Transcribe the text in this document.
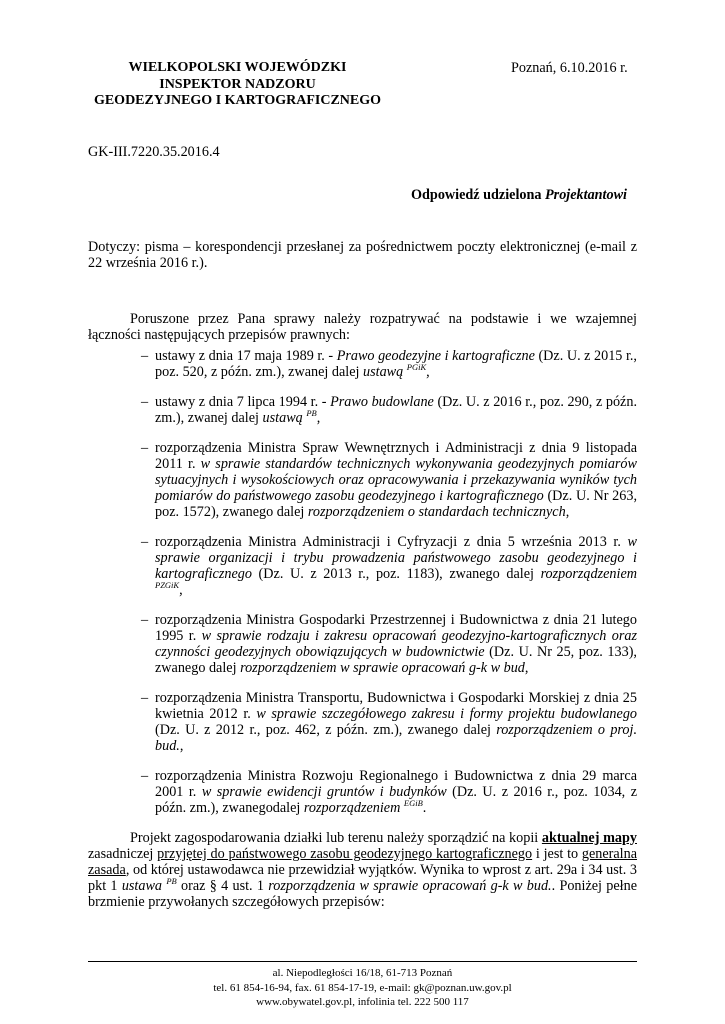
WIELKOPOLSKI WOJEWÓDZKI
INSPEKTOR NADZORU
GEODEZYJNEGO I KARTOGRAFICZNEGO
Poznań, 6.10.2016 r.
GK-III.7220.35.2016.4
Odpowiedź udzielona Projektantowi

Dotyczy: pisma – korespondencji przesłanej za pośrednictwem poczty elektronicznej (e-mail z 22 września 2016 r.).

Poruszone przez Pana sprawy należy rozpatrywać na podstawie i we wzajemnej łączności następujących przepisów prawnych:

– ustawy z dnia 17 maja 1989 r. - Prawo geodezyjne i kartograficzne (Dz. U. z 2015 r., poz. 520, z późn. zm.), zwanej dalej ustawą $^{PGiK}$,
– ustawy z dnia 7 lipca 1994 r. - Prawo budowlane (Dz. U. z 2016 r., poz. 290, z późn. zm.), zwanej dalej ustawą $^{PB}$,
– rozporządzenia Ministra Spraw Wewnętrznych i Administracji z dnia 9 listopada 2011 r. w sprawie standardów technicznych wykonywania geodezyjnych pomiarów sytuacyjnych i wysokościowych oraz opracowywania i przekazywania wyników tych pomiarów do państwowego zasobu geodezyjnego i kartograficznego (Dz. U. Nr 263, poz. 1572), zwanego dalej rozporządzeniem o standardach technicznych,
– rozporządzenia Ministra Administracji i Cyfryzacji z dnia 5 września 2013 r. w sprawie organizacji i trybu prowadzenia państwowego zasobu geodezyjnego i kartograficznego (Dz. U. z 2013 r., poz. 1183), zwanego dalej rozporządzeniem $^{PZGiK}$,
– rozporządzenia Ministra Gospodarki Przestrzennej i Budownictwa z dnia 21 lutego 1995 r. w sprawie rodzaju i zakresu opracowań geodezyjno-kartograficznych oraz czynności geodezyjnych obowiązujących w budownictwie (Dz. U. Nr 25, poz. 133), zwanego dalej rozporządzeniem w sprawie opracowań g-k w bud,
– rozporządzenia Ministra Transportu, Budownictwa i Gospodarki Morskiej z dnia 25 kwietnia 2012 r. w sprawie szczegółowego zakresu i formy projektu budowlanego (Dz. U. z 2012 r., poz. 462, z późn. zm.), zwanego dalej rozporządzeniem o proj. bud.,
– rozporządzenia Ministra Rozwoju Regionalnego i Budownictwa z dnia 29 marca 2001 r. w sprawie ewidencji gruntów i budynków (Dz. U. z 2016 r., poz. 1034, z późn. zm.), zwanegodalej rozporządzeniem $^{EGiB}$.

Projekt zagospodarowania działki lub terenu należy sporządzić na kopii aktualnej mapy zasadniczej przyjętej do państwowego zasobu geodezyjnego kartograficznego i jest to generalna zasada, od której ustawodawca nie przewidział wyjątków. Wynika to wprost z art. 29a i 34 ust. 3 pkt 1 ustawa $^{PB}$ oraz § 4 ust. 1 rozporządzenia w sprawie opracowań g-k w bud.. Poniżej pełne brzmienie przywołanych szczegółowych przepisów:

al. Niepodległości 16/18, 61-713 Poznań
tel. 61 854-16-94, fax. 61 854-17-19, e-mail: gk@poznan.uw.gov.pl
www.obywatel.gov.pl, infolinia tel. 222 500 117
